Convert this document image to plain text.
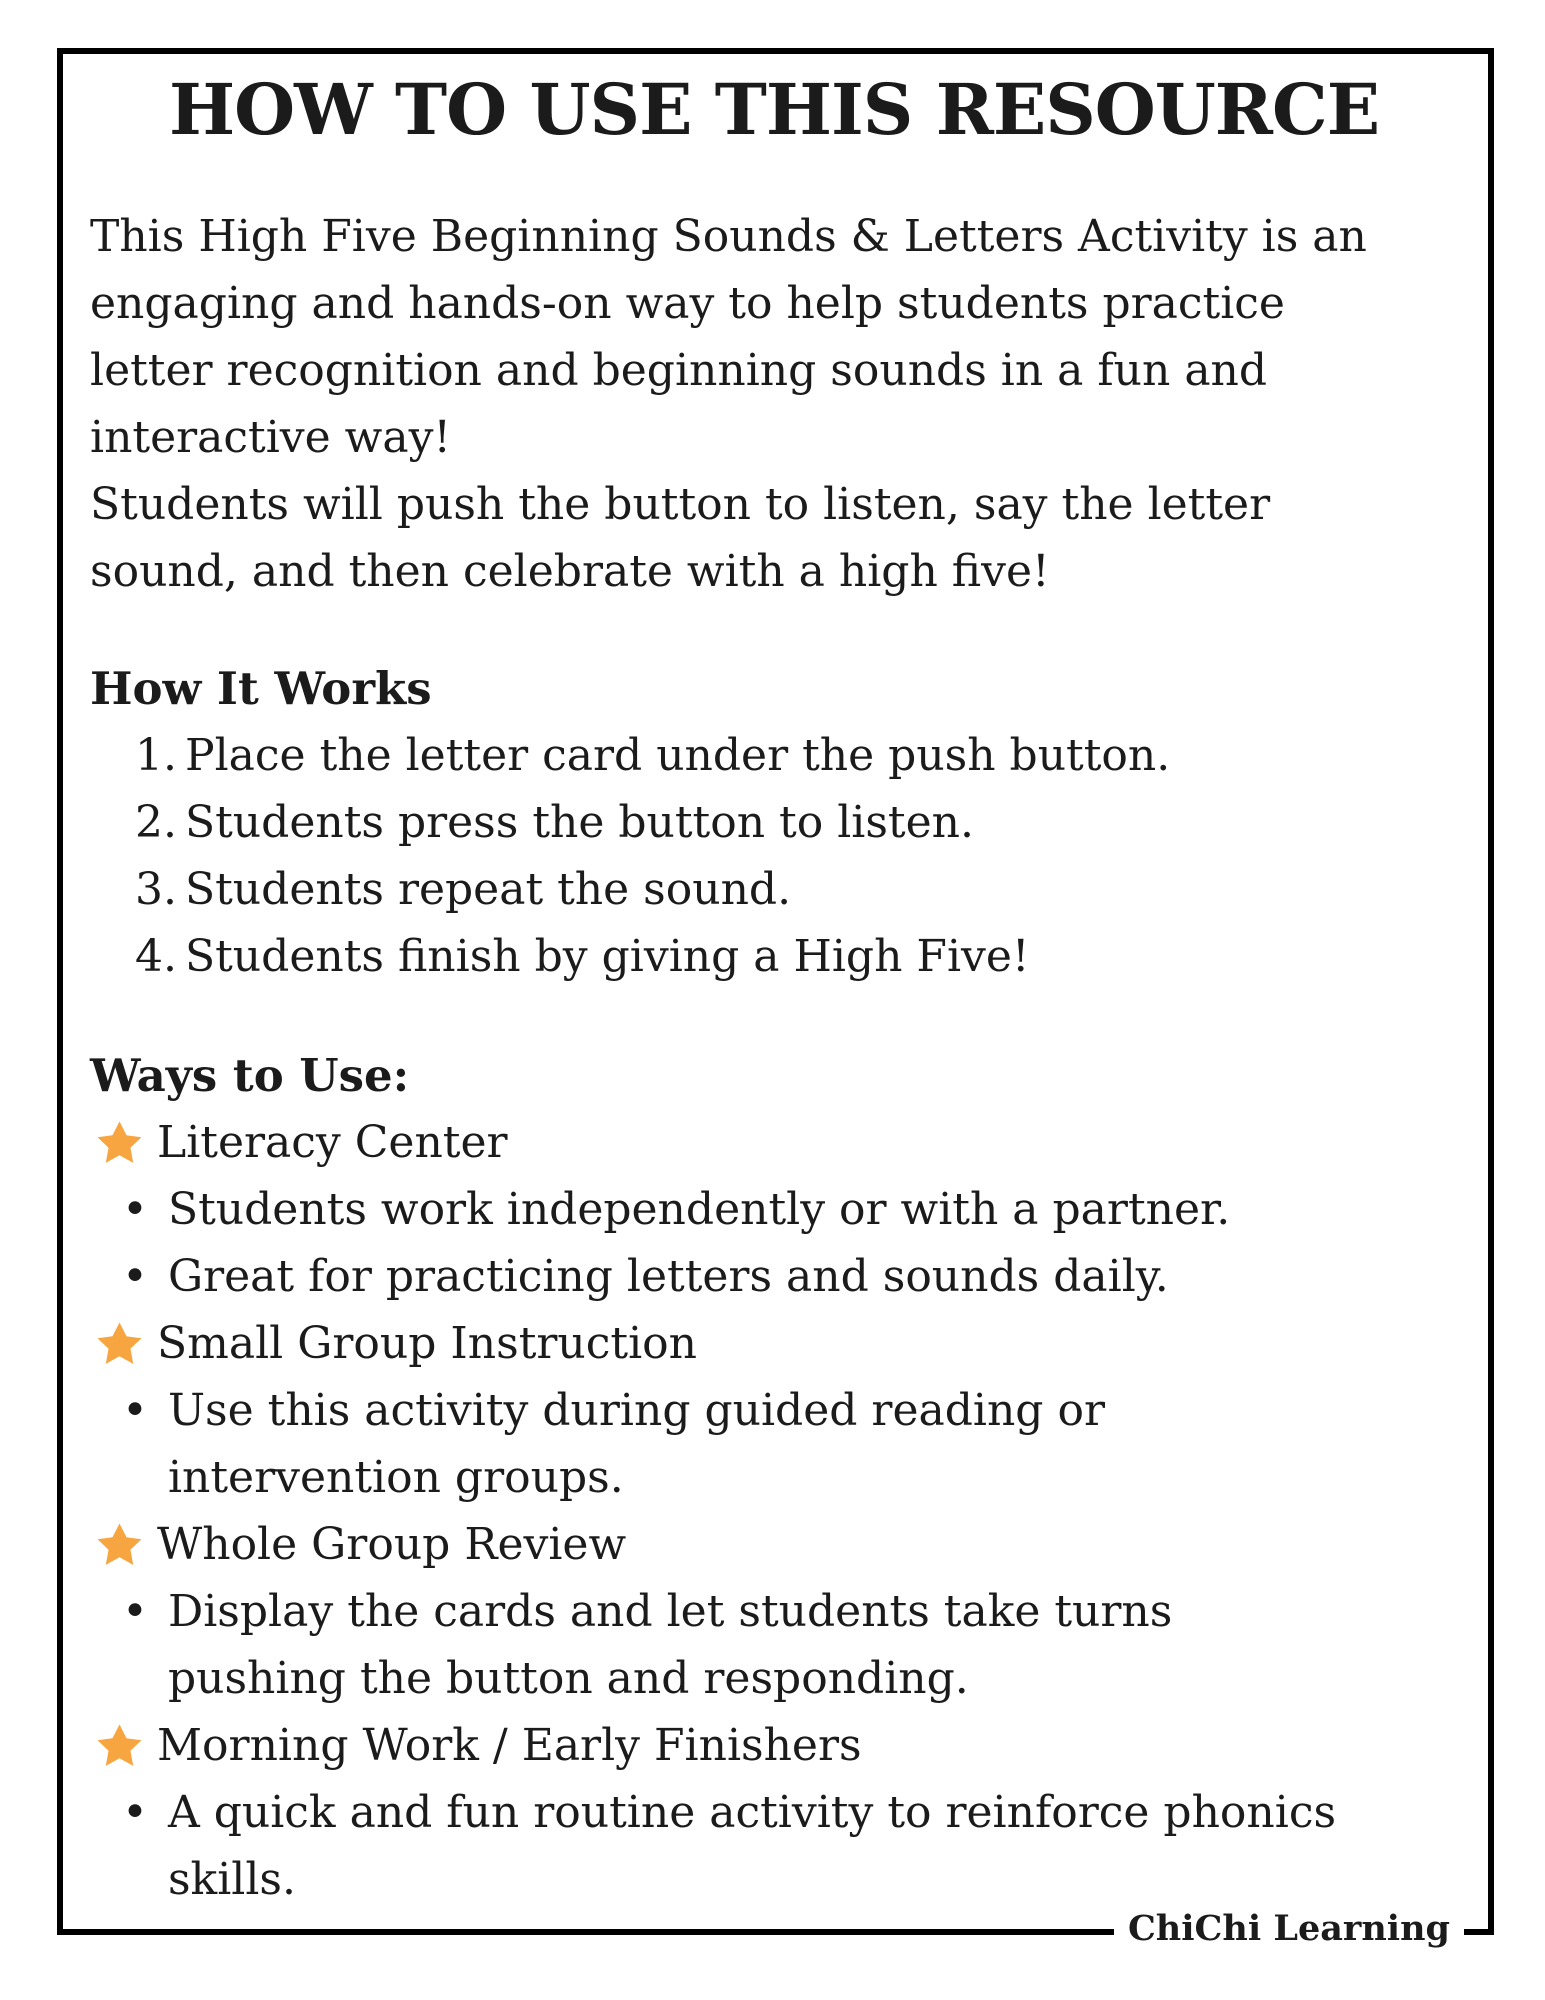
HOW TO USE THIS RESOURCE
This High Five Beginning Sounds & Letters Activity is an
engaging and hands-on way to help students practice
letter recognition and beginning sounds in a fun and
interactive way!
Students will push the button to listen, say the letter
sound, and then celebrate with a high five!
How It Works
1. Place the letter card under the push button.
2. Students press the button to listen.
3. Students repeat the sound.
4. Students finish by giving a High Five!
Ways to Use:
Literacy Center
• Students work independently or with a partner.
• Great for practicing letters and sounds daily.
Small Group Instruction
• Use this activity during guided reading or
intervention groups.
Whole Group Review
• Display the cards and let students take turns
pushing the button and responding.
Morning Work / Early Finishers
• A quick and fun routine activity to reinforce phonics
skills.
ChiChi Learning
